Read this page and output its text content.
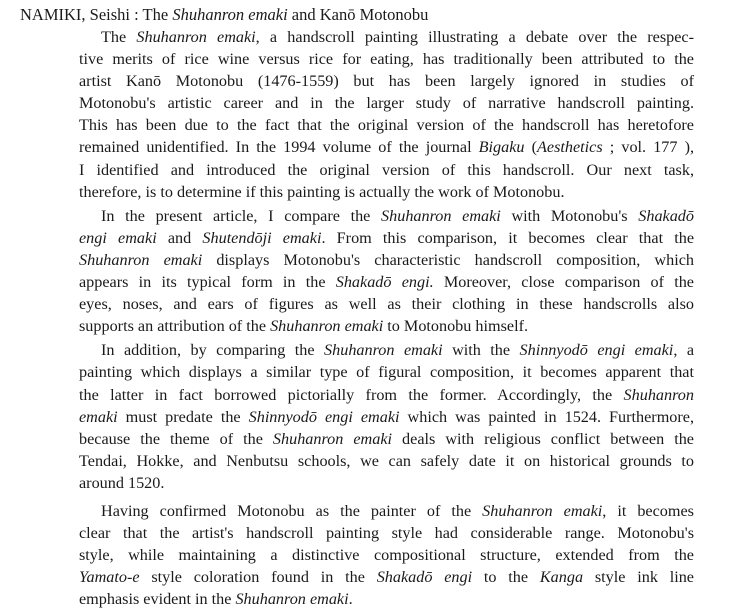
NAMIKI, Seishi : The Shuhanron emaki and Kanō Motonobu
The Shuhanron emaki, a handscroll painting illustrating a debate over the respec-
tive merits of rice wine versus rice for eating, has traditionally been attributed to the
artist Kanō Motonobu (1476-1559) but has been largely ignored in studies of
Motonobu's artistic career and in the larger study of narrative handscroll painting.
This has been due to the fact that the original version of the handscroll has heretofore
remained unidentified. In the 1994 volume of the journal Bigaku (Aesthetics ; vol. 177 ),
I identified and introduced the original version of this handscroll. Our next task,
therefore, is to determine if this painting is actually the work of Motonobu.
In the present article, I compare the Shuhanron emaki with Motonobu's Shakadō
engi emaki and Shutendōji emaki. From this comparison, it becomes clear that the
Shuhanron emaki displays Motonobu's characteristic handscroll composition, which
appears in its typical form in the Shakadō engi. Moreover, close comparison of the
eyes, noses, and ears of figures as well as their clothing in these handscrolls also
supports an attribution of the Shuhanron emaki to Motonobu himself.
In addition, by comparing the Shuhanron emaki with the Shinnyodō engi emaki, a
painting which displays a similar type of figural composition, it becomes apparent that
the latter in fact borrowed pictorially from the former. Accordingly, the Shuhanron
emaki must predate the Shinnyodō engi emaki which was painted in 1524. Furthermore,
because the theme of the Shuhanron emaki deals with religious conflict between the
Tendai, Hokke, and Nenbutsu schools, we can safely date it on historical grounds to
around 1520.
Having confirmed Motonobu as the painter of the Shuhanron emaki, it becomes
clear that the artist's handscroll painting style had considerable range. Motonobu's
style, while maintaining a distinctive compositional structure, extended from the
Yamato-e style coloration found in the Shakadō engi to the Kanga style ink line
emphasis evident in the Shuhanron emaki.
